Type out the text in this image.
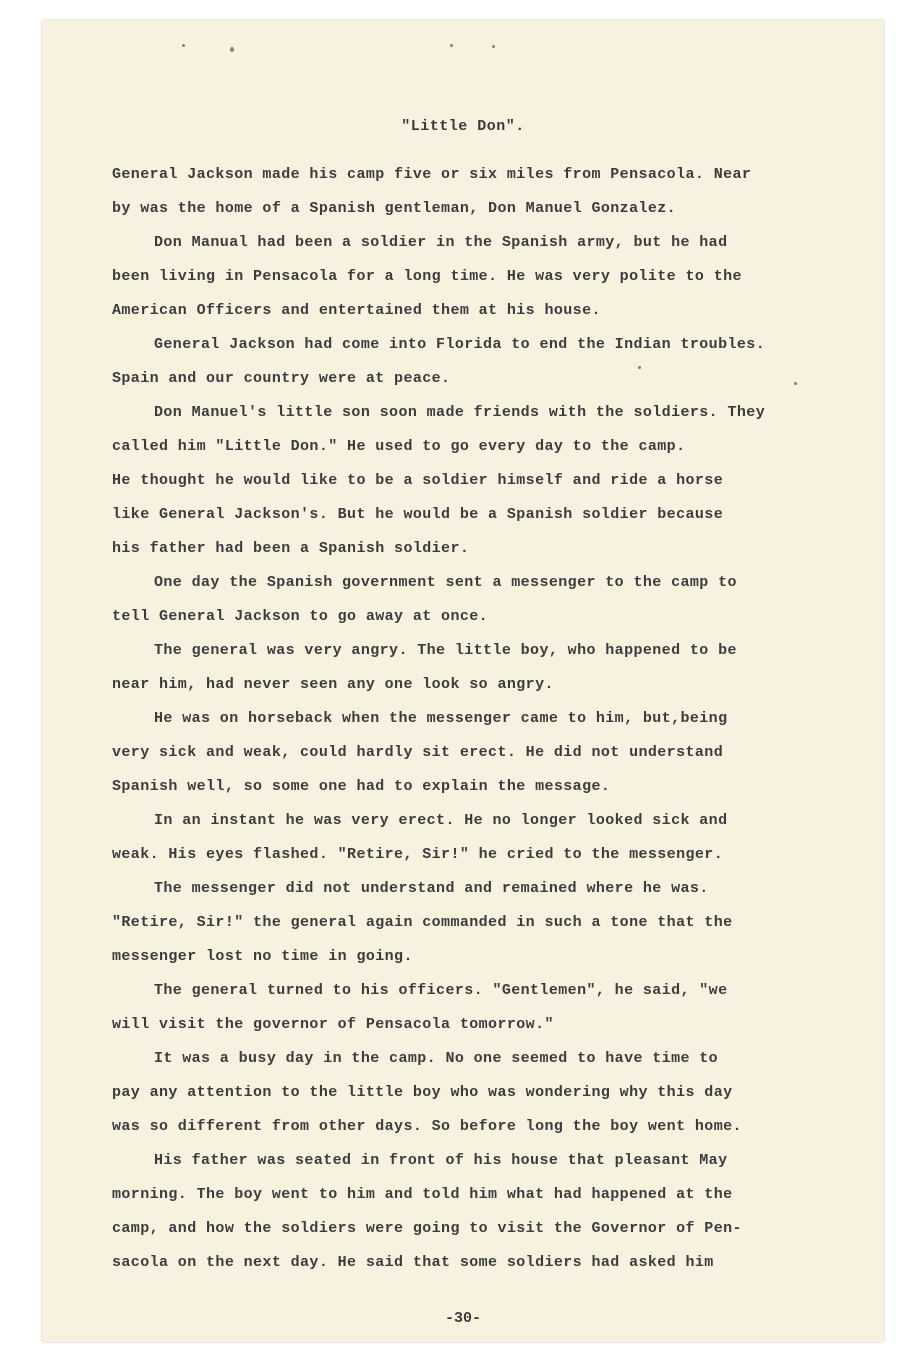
"Little Don".
General Jackson made his camp five or six miles from Pensacola. Near
by was the home of a Spanish gentleman, Don Manuel Gonzalez.
Don Manual had been a soldier in the Spanish army, but he had
been living in Pensacola for a long time. He was very polite to the
American Officers and entertained them at his house.
General Jackson had come into Florida to end the Indian troubles.
Spain and our country were at peace.
Don Manuel's little son soon made friends with the soldiers. They
called him "Little Don." He used to go every day to the camp.
He thought he would like to be a soldier himself and ride a horse
like General Jackson's. But he would be a Spanish soldier because
his father had been a Spanish soldier.
One day the Spanish government sent a messenger to the camp to
tell General Jackson to go away at once.
The general was very angry. The little boy, who happened to be
near him, had never seen any one look so angry.
He was on horseback when the messenger came to him, but,being
very sick and weak, could hardly sit erect. He did not understand
Spanish well, so some one had to explain the message.
In an instant he was very erect. He no longer looked sick and
weak. His eyes flashed. "Retire, Sir!" he cried to the messenger.
The messenger did not understand and remained where he was.
"Retire, Sir!" the general again commanded in such a tone that the
messenger lost no time in going.
The general turned to his officers. "Gentlemen", he said, "we
will visit the governor of Pensacola tomorrow."
It was a busy day in the camp. No one seemed to have time to
pay any attention to the little boy who was wondering why this day
was so different from other days. So before long the boy went home.
His father was seated in front of his house that pleasant May
morning. The boy went to him and told him what had happened at the
camp, and how the soldiers were going to visit the Governor of Pen-
sacola on the next day. He said that some soldiers had asked him
-30-
